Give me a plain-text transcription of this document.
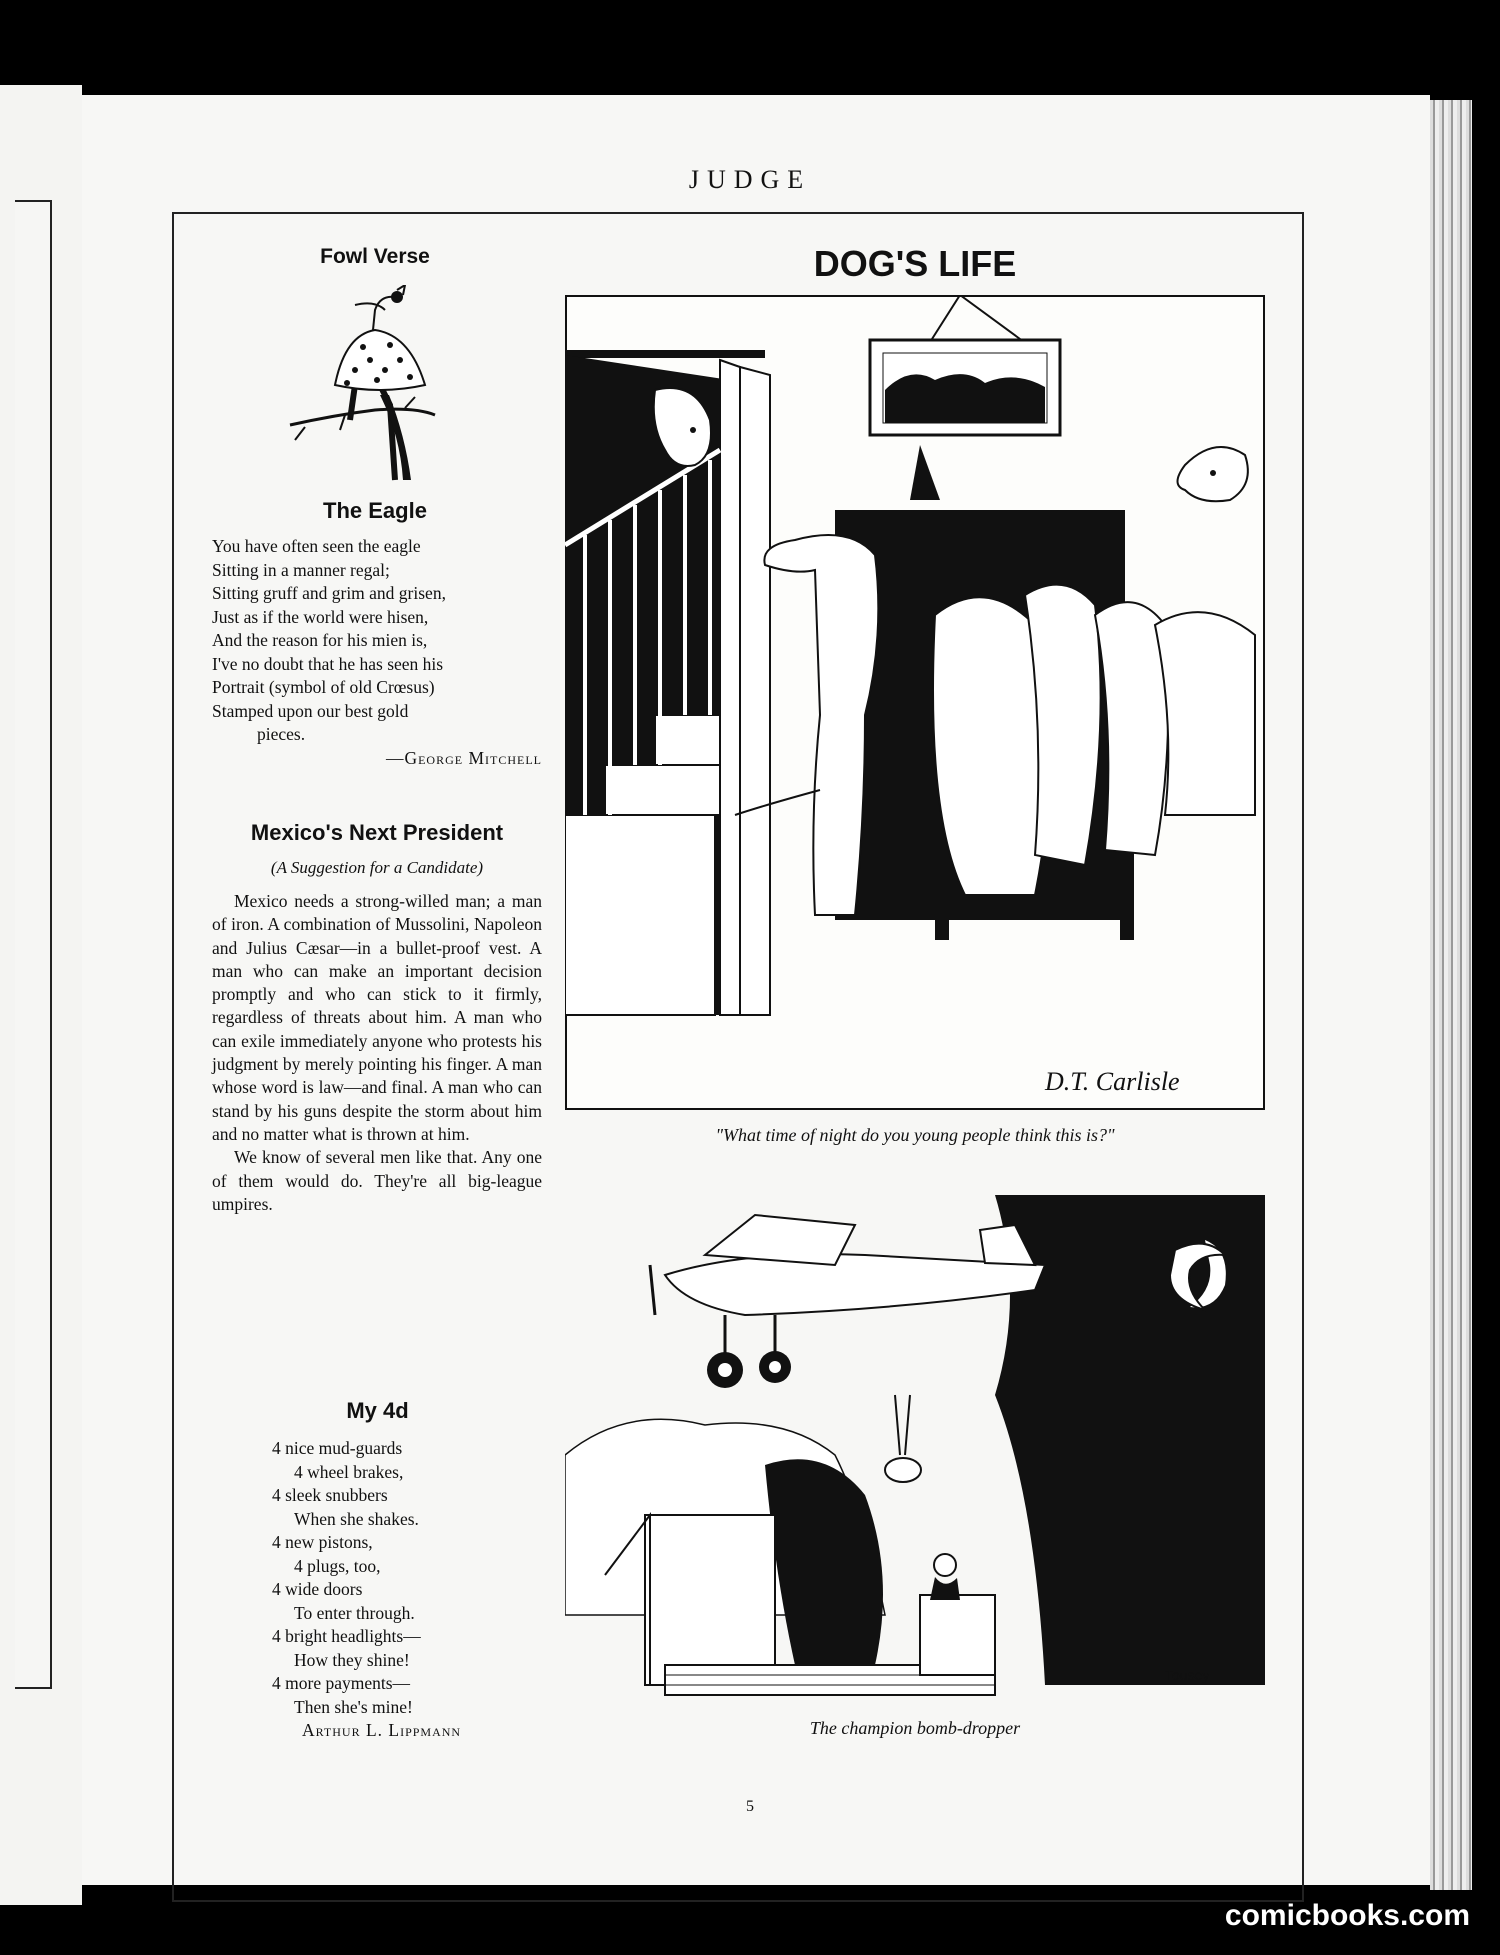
JUDGE
Fowl Verse
The Eagle

You have often seen the eagle

Sitting in a manner regal;

Sitting gruff and grim and grisen,

Just as if the world were hisen,

And the reason for his mien is,

I've no doubt that he has seen his

Portrait (symbol of old Crœsus)

Stamped upon our best gold

pieces.

—George Mitchell

Mexico's Next President
(A Suggestion for a Candidate)

Mexico needs a strong-willed man; a man of iron. A combination of Mussolini, Napoleon and Julius Cæsar—in a bullet-proof vest. A man who can make an important decision promptly and who can stick to it firmly, regardless of threats about him. A man who can exile immediately anyone who protests his judgment by merely pointing his finger. A man whose word is law—and final. A man who can stand by his guns despite the storm about him and no matter what is thrown at him.

We know of several men like that. Any one of them would do. They're all big-league umpires.

My 4d

4 nice mud-guards

4 wheel brakes,

4 sleek snubbers

When she shakes.

4 new pistons,

4 plugs, too,

4 wide doors

To enter through.

4 bright headlights—

How they shine!

4 more payments—

Then she's mine!

Arthur L. Lippmann

DOG'S LIFE
D.T. Carlisle
"What time of night do you young people think this is?"
Tousey
The champion bomb-dropper
5
comicbooks.com
